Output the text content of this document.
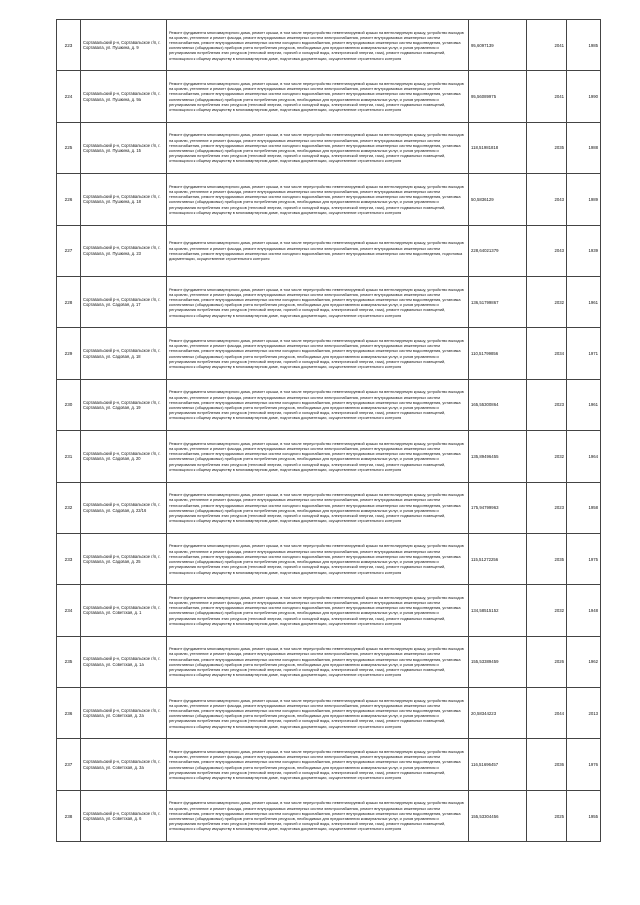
223	Сортавальский р-н, Сортавальское г/п, г. Сортавала, ул. Пушкина, д. 9	Ремонт фундамента многоквартирного дома, ремонт крыши, в том числе переустройство невентилируемой крыши на вентилируемую крышу, устройство выходов на кровлю, утепление и ремонт фасада, ремонт внутридомовых инженерных систем электроснабжения, ремонт внутридомовых инженерных систем теплоснабжения, ремонт внутридомовых инженерных систем холодного водоснабжения, ремонт внутридомовых инженерных систем водоотведения, установка коллективных (общедомовых) приборов учета потребления ресурсов, необходимых для предоставления коммунальных услуг, и узлов управления и регулирования потребления этих ресурсов (тепловой энергии, горячей и холодной воды, электрической энергии, газа), ремонт подвальных помещений, относящихся к общему имуществу в многоквартирном доме, подготовка документации, осуществление строительного контроля	95,6097139	2041	1985
224	Сортавальский р-н, Сортавальское г/п, г. Сортавала, ул. Пушкина, д. 9а	Ремонт фундамента многоквартирного дома, ремонт крыши, в том числе переустройство невентилируемой крыши на вентилируемую крышу, устройство выходов на кровлю, утепление и ремонт фасада, ремонт внутридомовых инженерных систем электроснабжения, ремонт внутридомовых инженерных систем теплоснабжения, ремонт внутридомовых инженерных систем холодного водоснабжения, ремонт внутридомовых инженерных систем водоотведения, установка коллективных (общедомовых) приборов учета потребления ресурсов, необходимых для предоставления коммунальных услуг, и узлов управления и регулирования потребления этих ресурсов (тепловой энергии, горячей и холодной воды, электрической энергии, газа), ремонт подвальных помещений, относящихся к общему имуществу в многоквартирном доме, подготовка документации, осуществление строительного контроля	95,56089975	2041	1990
225	Сортавальский р-н, Сортавальское г/п, г. Сортавала, ул. Пушкина, д. 15	Ремонт фундамента многоквартирного дома, ремонт крыши, в том числе переустройство невентилируемой крыши на вентилируемую крышу, устройство выходов на кровлю, утепление и ремонт фасада, ремонт внутридомовых инженерных систем электроснабжения, ремонт внутридомовых инженерных систем теплоснабжения, ремонт внутридомовых инженерных систем холодного водоснабжения, ремонт внутридомовых инженерных систем водоотведения, установка коллективных (общедомовых) приборов учета потребления ресурсов, необходимых для предоставления коммунальных услуг, и узлов управления и регулирования потребления этих ресурсов (тепловой энергии, горячей и холодной воды, электрической энергии, газа), ремонт подвальных помещений, относящихся к общему имуществу в многоквартирном доме, подготовка документации, осуществление строительного контроля	118,51981818	2035	1988
226	Сортавальский р-н, Сортавальское г/п, г. Сортавала, ул. Пушкина, д. 18	Ремонт фундамента многоквартирного дома, ремонт крыши, в том числе переустройство невентилируемой крыши на вентилируемую крышу, устройство выходов на кровлю, утепление и ремонт фасада, ремонт внутридомовых инженерных систем электроснабжения, ремонт внутридомовых инженерных систем теплоснабжения, ремонт внутридомовых инженерных систем холодного водоснабжения, ремонт внутридомовых инженерных систем водоотведения, установка коллективных (общедомовых) приборов учета потребления ресурсов, необходимых для предоставления коммунальных услуг, и узлов управления и регулирования потребления этих ресурсов (тепловой энергии, горячей и холодной воды, электрической энергии, газа), ремонт подвальных помещений, относящихся к общему имуществу в многоквартирном доме, подготовка документации, осуществление строительного контроля	50,5836129	2043	1989
227	Сортавальский р-н, Сортавальское г/п, г. Сортавала, ул. Пушкина, д. 23	Ремонт фундамента многоквартирного дома, ремонт крыши, в том числе переустройство невентилируемой крыши на вентилируемую крышу, устройство выходов на кровлю, утепление и ремонт фасада, ремонт внутридомовых инженерных систем электроснабжения, ремонт внутридомовых инженерных систем теплоснабжения, ремонт внутридомовых инженерных систем холодного водоснабжения, ремонт внутридомовых инженерных систем водоотведения, подготовка документации, осуществление строительного контроля	228,64021379	2043	1939
228	Сортавальский р-н, Сортавальское г/п, г. Сортавала, ул. Садовая, д. 17	Ремонт фундамента многоквартирного дома, ремонт крыши, в том числе переустройство невентилируемой крыши на вентилируемую крышу, устройство выходов на кровлю, утепление и ремонт фасада, ремонт внутридомовых инженерных систем электроснабжения, ремонт внутридомовых инженерных систем теплоснабжения, ремонт внутридомовых инженерных систем холодного водоснабжения, ремонт внутридомовых инженерных систем водоотведения, установка коллективных (общедомовых) приборов учета потребления ресурсов, необходимых для предоставления коммунальных услуг, и узлов управления и регулирования потребления этих ресурсов (тепловой энергии, горячей и холодной воды, электрической энергии, газа), ремонт подвальных помещений, относящихся к общему имуществу в многоквартирном доме, подготовка документации, осуществление строительного контроля	136,51799867	2032	1961
229	Сортавальский р-н, Сортавальское г/п, г. Сортавала, ул. Садовая, д. 18	Ремонт фундамента многоквартирного дома, ремонт крыши, в том числе переустройство невентилируемой крыши на вентилируемую крышу, устройство выходов на кровлю, утепление и ремонт фасада, ремонт внутридомовых инженерных систем электроснабжения, ремонт внутридомовых инженерных систем теплоснабжения, ремонт внутридомовых инженерных систем холодного водоснабжения, ремонт внутридомовых инженерных систем водоотведения, установка коллективных (общедомовых) приборов учета потребления ресурсов, необходимых для предоставления коммунальных услуг, и узлов управления и регулирования потребления этих ресурсов (тепловой энергии, горячей и холодной воды, электрической энергии, газа), ремонт подвальных помещений, относящихся к общему имуществу в многоквартирном доме, подготовка документации, осуществление строительного контроля	110,51799856	2034	1971
230	Сортавальский р-н, Сортавальское г/п, г. Сортавала, ул. Садовая, д. 19	Ремонт фундамента многоквартирного дома, ремонт крыши, в том числе переустройство невентилируемой крыши на вентилируемую крышу, устройство выходов на кровлю, утепление и ремонт фасада, ремонт внутридомовых инженерных систем электроснабжения, ремонт внутридомовых инженерных систем теплоснабжения, ремонт внутридомовых инженерных систем холодного водоснабжения, ремонт внутридомовых инженерных систем водоотведения, установка коллективных (общедомовых) приборов учета потребления ресурсов, необходимых для предоставления коммунальных услуг, и узлов управления и регулирования потребления этих ресурсов (тепловой энергии, горячей и холодной воды, электрической энергии, газа), ремонт подвальных помещений, относящихся к общему имуществу в многоквартирном доме, подготовка документации, осуществление строительного контроля	165,55300864	2023	1961
231	Сортавальский р-н, Сортавальское г/п, г. Сортавала, ул. Садовая, д. 20	Ремонт фундамента многоквартирного дома, ремонт крыши, в том числе переустройство невентилируемой крыши на вентилируемую крышу, устройство выходов на кровлю, утепление и ремонт фасада, ремонт внутридомовых инженерных систем электроснабжения, ремонт внутридомовых инженерных систем теплоснабжения, ремонт внутридомовых инженерных систем холодного водоснабжения, ремонт внутридомовых инженерных систем водоотведения, установка коллективных (общедомовых) приборов учета потребления ресурсов, необходимых для предоставления коммунальных услуг, и узлов управления и регулирования потребления этих ресурсов (тепловой энергии, горячей и холодной воды, электрической энергии, газа), ремонт подвальных помещений, относящихся к общему имуществу в многоквартирном доме, подготовка документации, осуществление строительного контроля	135,89496455	2032	1964
232	Сортавальский р-н, Сортавальское г/п, г. Сортавала, ул. Садовая, д. 22/16	Ремонт фундамента многоквартирного дома, ремонт крыши, в том числе переустройство невентилируемой крыши на вентилируемую крышу, устройство выходов на кровлю, утепление и ремонт фасада, ремонт внутридомовых инженерных систем электроснабжения, ремонт внутридомовых инженерных систем теплоснабжения, ремонт внутридомовых инженерных систем холодного водоснабжения, ремонт внутридомовых инженерных систем водоотведения, установка коллективных (общедомовых) приборов учета потребления ресурсов, необходимых для предоставления коммунальных услуг, и узлов управления и регулирования потребления этих ресурсов (тепловой энергии, горячей и холодной воды, электрической энергии, газа), ремонт подвальных помещений, относящихся к общему имуществу в многоквартирном доме, подготовка документации, осуществление строительного контроля	175,94799963	2023	1958
233	Сортавальский р-н, Сортавальское г/п, г. Сортавала, ул. Садовая, д. 25	Ремонт фундамента многоквартирного дома, ремонт крыши, в том числе переустройство невентилируемой крыши на вентилируемую крышу, устройство выходов на кровлю, утепление и ремонт фасада, ремонт внутридомовых инженерных систем электроснабжения, ремонт внутридомовых инженерных систем теплоснабжения, ремонт внутридомовых инженерных систем холодного водоснабжения, ремонт внутридомовых инженерных систем водоотведения, установка коллективных (общедомовых) приборов учета потребления ресурсов, необходимых для предоставления коммунальных услуг, и узлов управления и регулирования потребления этих ресурсов (тепловой энергии, горячей и холодной воды, электрической энергии, газа), ремонт подвальных помещений, относящихся к общему имуществу в многоквартирном доме, подготовка документации, осуществление строительного контроля	115,51272256	2035	1975
234	Сортавальский р-н, Сортавальское г/п, г. Сортавала, ул. Советская, д. 1	Ремонт фундамента многоквартирного дома, ремонт крыши, в том числе переустройство невентилируемой крыши на вентилируемую крышу, устройство выходов на кровлю, утепление и ремонт фасада, ремонт внутридомовых инженерных систем электроснабжения, ремонт внутридомовых инженерных систем теплоснабжения, ремонт внутридомовых инженерных систем холодного водоснабжения, ремонт внутридомовых инженерных систем водоотведения, установка коллективных (общедомовых) приборов учета потребления ресурсов, необходимых для предоставления коммунальных услуг, и узлов управления и регулирования потребления этих ресурсов (тепловой энергии, горячей и холодной воды, электрической энергии, газа), ремонт подвальных помещений, относящихся к общему имуществу в многоквартирном доме, подготовка документации, осуществление строительного контроля	134,58515152	2032	1948
235	Сортавальский р-н, Сортавальское г/п, г. Сортавала, ул. Советская, д. 1а	Ремонт фундамента многоквартирного дома, ремонт крыши, в том числе переустройство невентилируемой крыши на вентилируемую крышу, устройство выходов на кровлю, утепление и ремонт фасада, ремонт внутридомовых инженерных систем электроснабжения, ремонт внутридомовых инженерных систем теплоснабжения, ремонт внутридомовых инженерных систем холодного водоснабжения, ремонт внутридомовых инженерных систем водоотведения, установка коллективных (общедомовых) приборов учета потребления ресурсов, необходимых для предоставления коммунальных услуг, и узлов управления и регулирования потребления этих ресурсов (тепловой энергии, горячей и холодной воды, электрической энергии, газа), ремонт подвальных помещений, относящихся к общему имуществу в многоквартирном доме, подготовка документации, осуществление строительного контроля	155,53389459	2026	1962
236	Сортавальский р-н, Сортавальское г/п, г. Сортавала, ул. Советская, д. 2а	Ремонт фундамента многоквартирного дома, ремонт крыши, в том числе переустройство невентилируемой крыши на вентилируемую крышу, устройство выходов на кровлю, утепление и ремонт фасада, ремонт внутридомовых инженерных систем электроснабжения, ремонт внутридомовых инженерных систем теплоснабжения, ремонт внутридомовых инженерных систем холодного водоснабжения, ремонт внутридомовых инженерных систем водоотведения, установка коллективных (общедомовых) приборов учета потребления ресурсов, необходимых для предоставления коммунальных услуг, и узлов управления и регулирования потребления этих ресурсов (тепловой энергии, горячей и холодной воды, электрической энергии, газа), ремонт подвальных помещений, относящихся к общему имуществу в многоквартирном доме, подготовка документации, осуществление строительного контроля	20,58344223	2044	2013
237	Сортавальский р-н, Сортавальское г/п, г. Сортавала, ул. Советская, д. 3а	Ремонт фундамента многоквартирного дома, ремонт крыши, в том числе переустройство невентилируемой крыши на вентилируемую крышу, устройство выходов на кровлю, утепление и ремонт фасада, ремонт внутридомовых инженерных систем электроснабжения, ремонт внутридомовых инженерных систем теплоснабжения, ремонт внутридомовых инженерных систем холодного водоснабжения, ремонт внутридомовых инженерных систем водоотведения, установка коллективных (общедомовых) приборов учета потребления ресурсов, необходимых для предоставления коммунальных услуг, и узлов управления и регулирования потребления этих ресурсов (тепловой энергии, горячей и холодной воды, электрической энергии, газа), ремонт подвальных помещений, относящихся к общему имуществу в многоквартирном доме, подготовка документации, осуществление строительного контроля	116,51696457	2036	1976
238	Сортавальский р-н, Сортавальское г/п, г. Сортавала, ул. Советская, д. 6	Ремонт фундамента многоквартирного дома, ремонт крыши, в том числе переустройство невентилируемой крыши на вентилируемую крышу, устройство выходов на кровлю, утепление и ремонт фасада, ремонт внутридомовых инженерных систем электроснабжения, ремонт внутридомовых инженерных систем теплоснабжения, ремонт внутридомовых инженерных систем холодного водоснабжения, ремонт внутридомовых инженерных систем водоотведения, установка коллективных (общедомовых) приборов учета потребления ресурсов, необходимых для предоставления коммунальных услуг, и узлов управления и регулирования потребления этих ресурсов (тепловой энергии, горячей и холодной воды, электрической энергии, газа), ремонт подвальных помещений, относящихся к общему имуществу в многоквартирном доме, подготовка документации, осуществление строительного контроля	155,53304456	2025	1955
